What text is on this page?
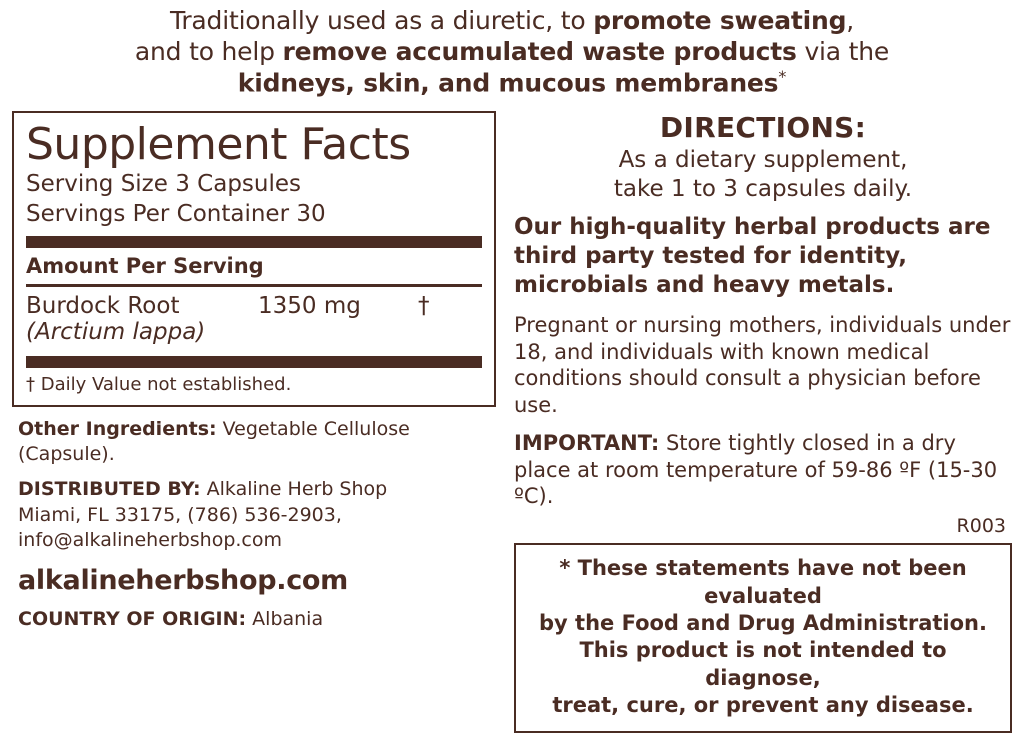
Traditionally used as a diuretic, to promote sweating,
and to help remove accumulated waste products via the
kidneys, skin, and mucous membranes*
Supplement Facts
Serving Size 3 Capsules
Servings Per Container 30
Amount Per Serving
Burdock Root	1350 mg	†
(Arctium lappa)
† Daily Value not established.

Other Ingredients: Vegetable Cellulose (Capsule).

DISTRIBUTED BY: Alkaline Herb Shop
Miami, FL 33175, (786) 536-2903,
info@alkalineherbshop.com

alkalineherbshop.com

COUNTRY OF ORIGIN: Albania

DIRECTIONS:
As a dietary supplement,
take 1 to 3 capsules daily.

Our high-quality herbal products are third party tested for identity, microbials and heavy metals.

Pregnant or nursing mothers, individuals under 18, and individuals with known medical conditions should consult a physician before use.

IMPORTANT: Store tightly closed in a dry place at room temperature of 59-86 ºF (15-30 ºC).

R003
* These statements have not been evaluated
by the Food and Drug Administration.
This product is not intended to diagnose,
treat, cure, or prevent any disease.
